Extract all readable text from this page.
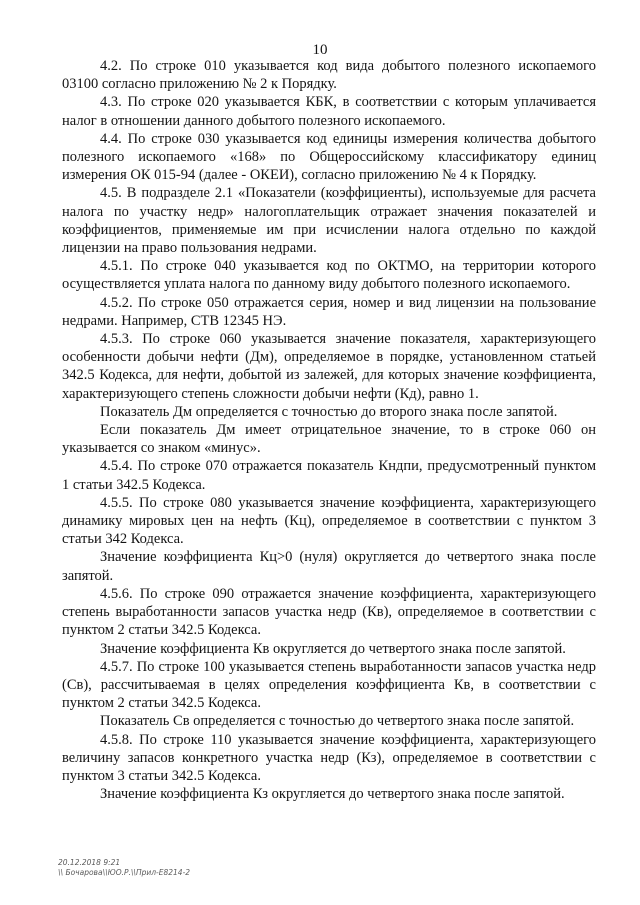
10

4.2. По строке 010 указывается код вида добытого полезного ископаемого 03100 согласно приложению № 2 к Порядку.

4.3. По строке 020 указывается КБК, в соответствии с которым уплачивается налог в отношении данного добытого полезного ископаемого.

4.4. По строке 030 указывается код единицы измерения количества добытого полезного ископаемого «168» по Общероссийскому классификатору единиц измерения ОК 015-94 (далее - ОКЕИ), согласно приложению № 4 к Порядку.

4.5. В подразделе 2.1 «Показатели (коэффициенты), используемые для расчета налога по участку недр» налогоплательщик отражает значения показателей и коэффициентов, применяемые им при исчислении налога отдельно по каждой лицензии на право пользования недрами.

4.5.1. По строке 040 указывается код по ОКТМО, на территории которого осуществляется уплата налога по данному виду добытого полезного ископаемого.

4.5.2. По строке 050 отражается серия, номер и вид лицензии на пользование недрами. Например, СТВ 12345 НЭ.

4.5.3. По строке 060 указывается значение показателя, характеризующего особенности добычи нефти (Дм), определяемое в порядке, установленном статьей 342.5 Кодекса, для нефти, добытой из залежей, для которых значение коэффициента, характеризующего степень сложности добычи нефти (Кд), равно 1.

Показатель Дм определяется с точностью до второго знака после запятой.

Если показатель Дм имеет отрицательное значение, то в строке 060 он указывается со знаком «минус».

4.5.4. По строке 070 отражается показатель Кндпи, предусмотренный пунктом 1 статьи 342.5 Кодекса.

4.5.5. По строке 080 указывается значение коэффициента, характеризующего динамику мировых цен на нефть (Кц), определяемое в соответствии с пунктом 3 статьи 342 Кодекса.

Значение коэффициента Кц>0 (нуля) округляется до четвертого знака после запятой.

4.5.6. По строке 090 отражается значение коэффициента, характеризующего степень выработанности запасов участка недр (Кв), определяемое в соответствии с пунктом 2 статьи 342.5 Кодекса.

Значение коэффициента Кв округляется до четвертого знака после запятой.

4.5.7. По строке 100 указывается степень выработанности запасов участка недр (Св), рассчитываемая в целях определения коэффициента Кв, в соответствии с пунктом 2 статьи 342.5 Кодекса.

Показатель Св определяется с точностью до четвертого знака после запятой.

4.5.8. По строке 110 указывается значение коэффициента, характеризующего величину запасов конкретного участка недр (Кз), определяемое в соответствии с пунктом 3 статьи 342.5 Кодекса.

Значение коэффициента Кз округляется до четвертого знака после запятой.

20.12.2018 9:21
\\ Бочарова\\ЮО.Р.\\Прил-Е8214-2
